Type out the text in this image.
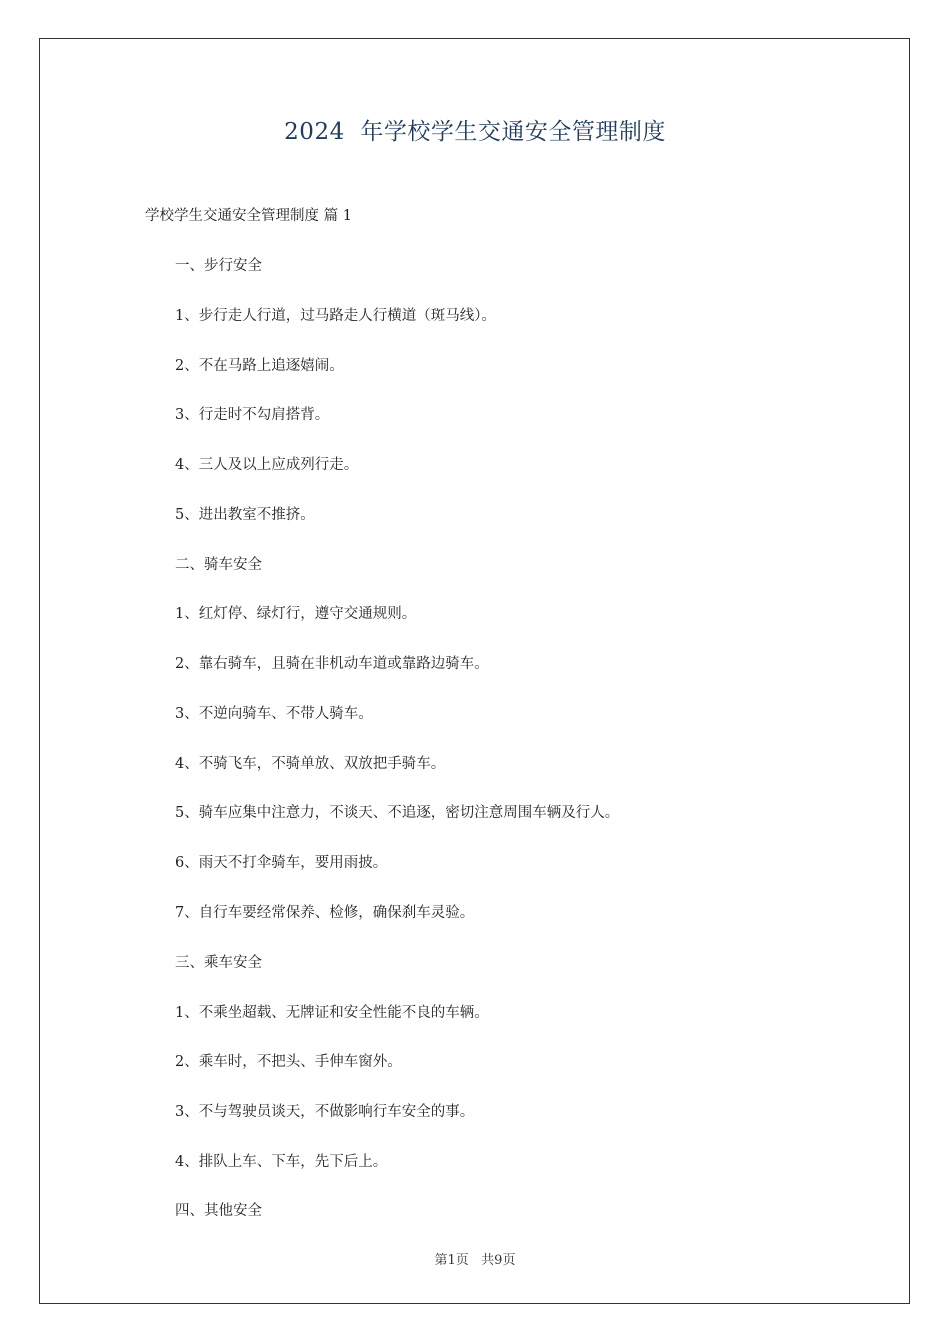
2024  年学校学生交通安全管理制度
学校学生交通安全管理制度 篇 1
一、步行安全
1、步行走人行道，过马路走人行横道（斑马线）。
2、不在马路上追逐嬉闹。
3、行走时不勾肩搭背。
4、三人及以上应成列行走。
5、进出教室不推挤。
二、骑车安全
1、红灯停、绿灯行，遵守交通规则。
2、靠右骑车，且骑在非机动车道或靠路边骑车。
3、不逆向骑车、不带人骑车。
4、不骑飞车，不骑单放、双放把手骑车。
5、骑车应集中注意力，不谈天、不追逐，密切注意周围车辆及行人。
6、雨天不打伞骑车，要用雨披。
7、自行车要经常保养、检修，确保刹车灵验。
三、乘车安全
1、不乘坐超载、无牌证和安全性能不良的车辆。
2、乘车时，不把头、手伸车窗外。
3、不与驾驶员谈天，不做影响行车安全的事。
4、排队上车、下车，先下后上。
四、其他安全
第1页   共9页
